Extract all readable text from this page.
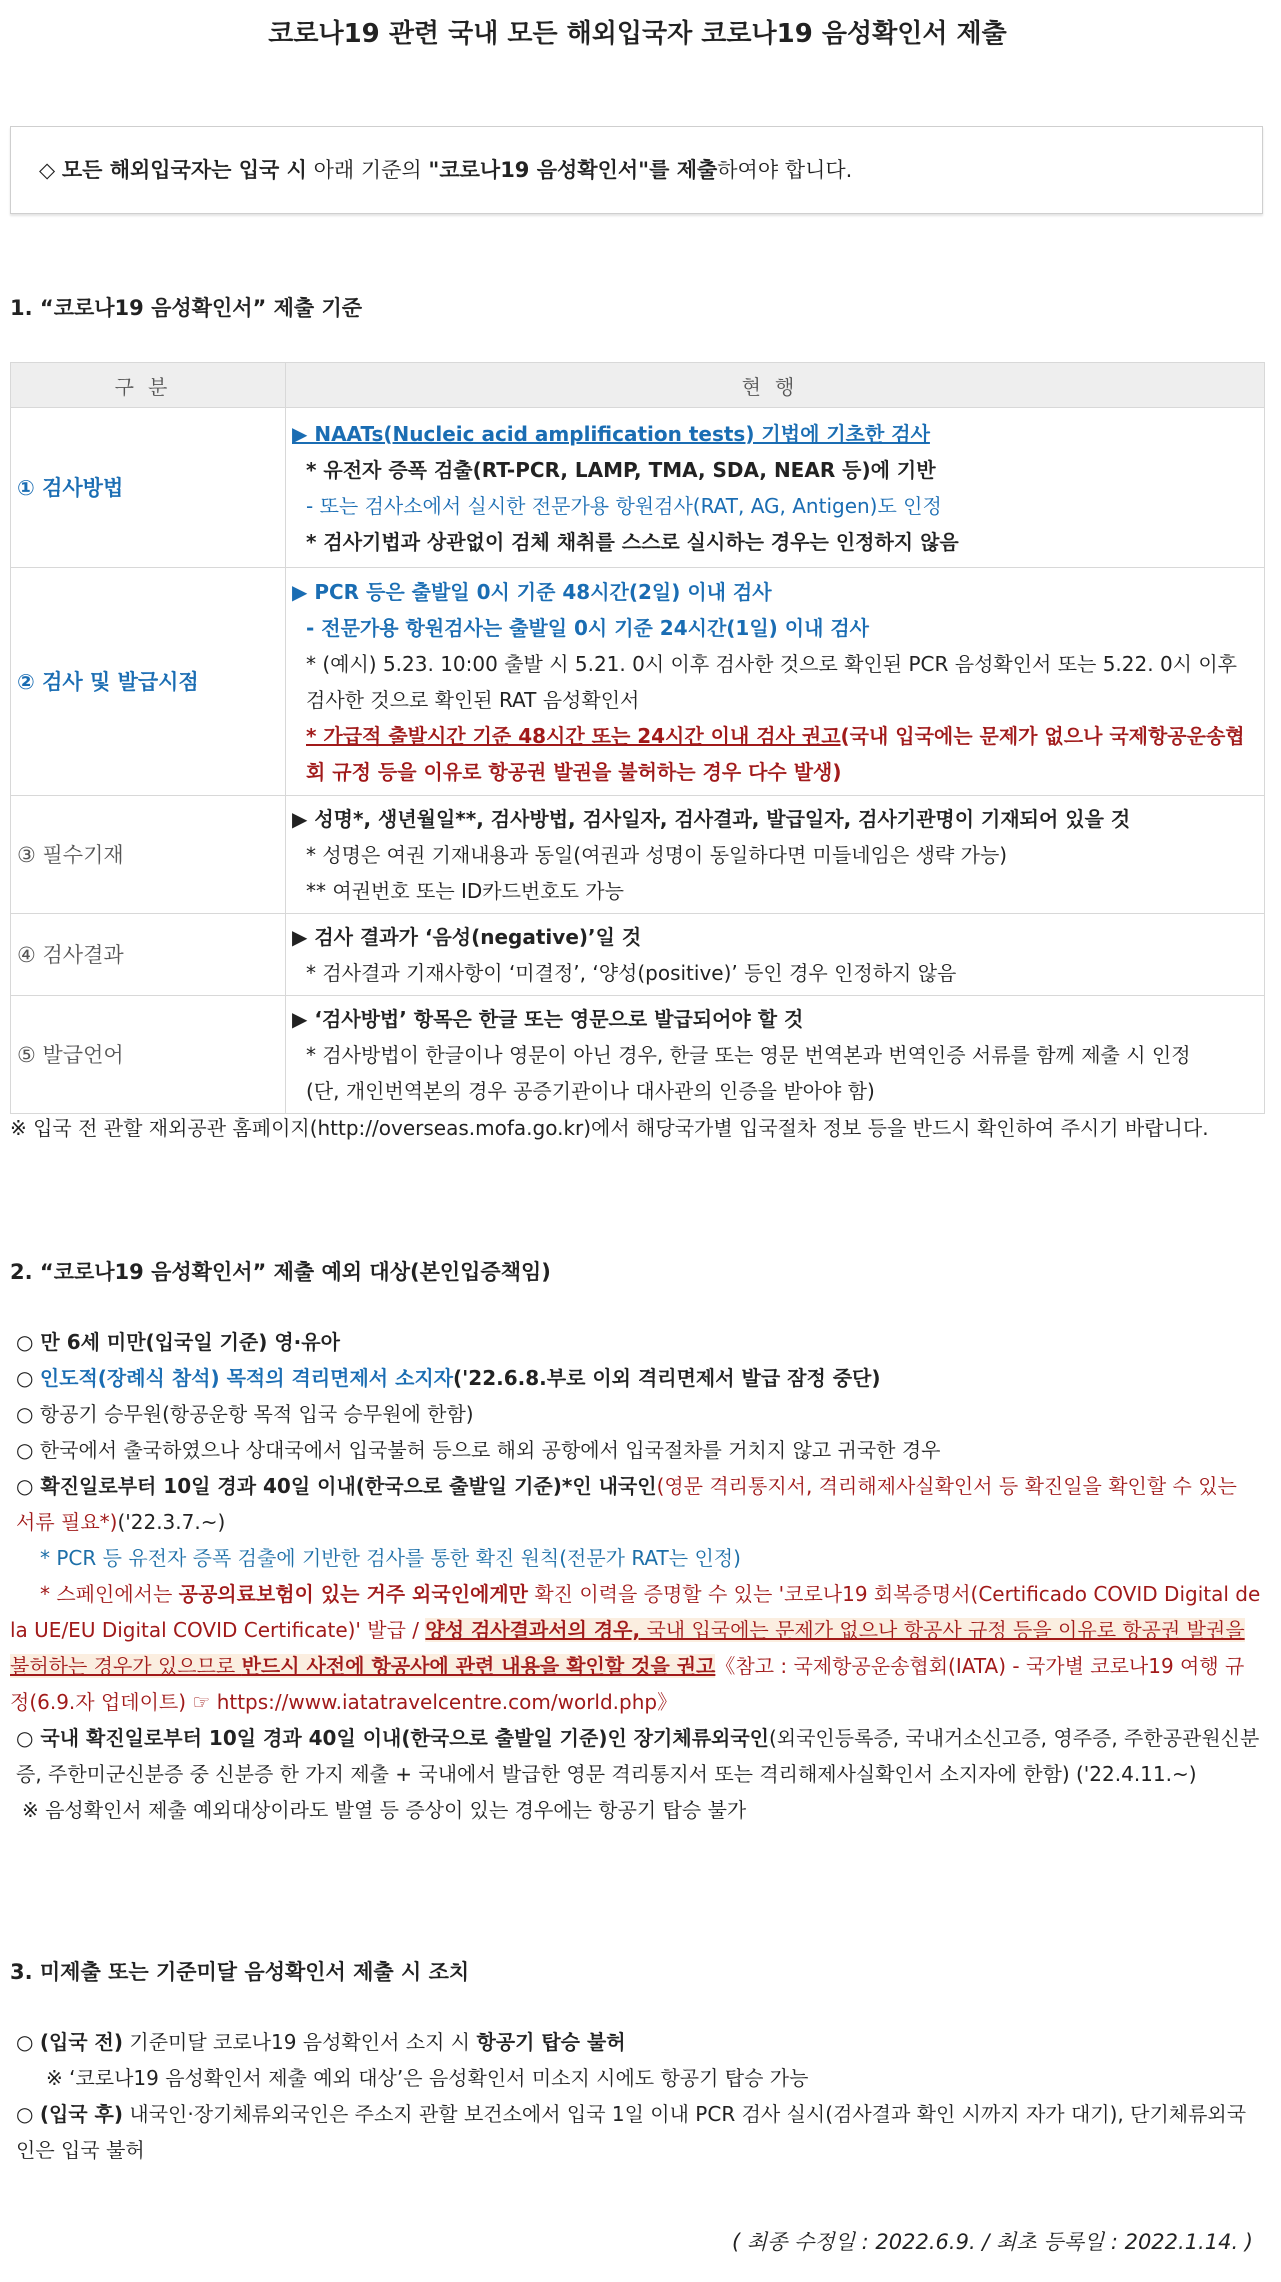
코로나19 관련 국내 모든 해외입국자 코로나19 음성확인서 제출
◇ 모든 해외입국자는 입국 시 아래 기준의 "코로나19 음성확인서"를 제출하여야 합니다.
1. “코로나19 음성확인서” 제출 기준
구분	현행
① 검사방법	▶ NAATs(Nucleic acid amplification tests) 기법에 기초한 검사
* 유전자 증폭 검출(RT-PCR, LAMP, TMA, SDA, NEAR 등)에 기반
- 또는 검사소에서 실시한 전문가용 항원검사(RAT, AG, Antigen)도 인정
* 검사기법과 상관없이 검체 채취를 스스로 실시하는 경우는 인정하지 않음

② 검사 및 발급시점	▶ PCR 등은 출발일 0시 기준 48시간(2일) 이내 검사
- 전문가용 항원검사는 출발일 0시 기준 24시간(1일) 이내 검사
* (예시) 5.23. 10:00 출발 시 5.21. 0시 이후 검사한 것으로 확인된 PCR 음성확인서 또는 5.22. 0시 이후 검사한 것으로 확인된 RAT 음성확인서
* 가급적 출발시간 기준 48시간 또는 24시간 이내 검사 권고(국내 입국에는 문제가 없으나 국제항공운송협회 규정 등을 이유로 항공권 발권을 불허하는 경우 다수 발생)

③ 필수기재	▶ 성명*, 생년월일**, 검사방법, 검사일자, 검사결과, 발급일자, 검사기관명이 기재되어 있을 것
* 성명은 여권 기재내용과 동일(여권과 성명이 동일하다면 미들네임은 생략 가능)
** 여권번호 또는 ID카드번호도 가능

④ 검사결과	▶ 검사 결과가 ‘음성(negative)’일 것
* 검사결과 기재사항이 ‘미결정’, ‘양성(positive)’ 등인 경우 인정하지 않음

⑤ 발급언어	▶ ‘검사방법’ 항목은 한글 또는 영문으로 발급되어야 할 것
* 검사방법이 한글이나 영문이 아닌 경우, 한글 또는 영문 번역본과 번역인증 서류를 함께 제출 시 인정
(단, 개인번역본의 경우 공증기관이나 대사관의 인증을 받아야 함)
※ 입국 전 관할 재외공관 홈페이지(http://overseas.mofa.go.kr)에서 해당국가별 입국절차 정보 등을 반드시 확인하여 주시기 바랍니다.
2. “코로나19 음성확인서” 제출 예외 대상(본인입증책임)
○ 만 6세 미만(입국일 기준) 영·유아
○ 인도적(장례식 참석) 목적의 격리면제서 소지자('22.6.8.부로 이외 격리면제서 발급 잠정 중단)
○ 항공기 승무원(항공운항 목적 입국 승무원에 한함)
○ 한국에서 출국하였으나 상대국에서 입국불허 등으로 해외 공항에서 입국절차를 거치지 않고 귀국한 경우
○ 확진일로부터 10일 경과 40일 이내(한국으로 출발일 기준)*인 내국인(영문 격리통지서, 격리해제사실확인서 등 확진일을 확인할 수 있는 서류 필요*)('22.3.7.~)
* PCR 등 유전자 증폭 검출에 기반한 검사를 통한 확진 원칙(전문가 RAT는 인정)
* 스페인에서는 공공의료보험이 있는 거주 외국인에게만 확진 이력을 증명할 수 있는 '코로나19 회복증명서(Certificado COVID Digital de la UE/EU Digital COVID Certificate)' 발급 / 양성 검사결과서의 경우, 국내 입국에는 문제가 없으나 항공사 규정 등을 이유로 항공권 발권을 불허하는 경우가 있으므로 반드시 사전에 항공사에 관련 내용을 확인할 것을 권고《참고 : 국제항공운송협회(IATA) - 국가별 코로나19 여행 규정(6.9.자 업데이트) ☞ https://www.iatatravelcentre.com/world.php》
○ 국내 확진일로부터 10일 경과 40일 이내(한국으로 출발일 기준)인 장기체류외국인(외국인등록증, 국내거소신고증, 영주증, 주한공관원신분증, 주한미군신분증 중 신분증 한 가지 제출 + 국내에서 발급한 영문 격리통지서 또는 격리해제사실확인서 소지자에 한함) ('22.4.11.~)
※ 음성확인서 제출 예외대상이라도 발열 등 증상이 있는 경우에는 항공기 탑승 불가
3. 미제출 또는 기준미달 음성확인서 제출 시 조치
○ (입국 전) 기준미달 코로나19 음성확인서 소지 시 항공기 탑승 불허
※ ‘코로나19 음성확인서 제출 예외 대상’은 음성확인서 미소지 시에도 항공기 탑승 가능
○ (입국 후) 내국인·장기체류외국인은 주소지 관할 보건소에서 입국 1일 이내 PCR 검사 실시(검사결과 확인 시까지 자가 대기), 단기체류외국인은 입국 불허
( 최종 수정일 : 2022.6.9. / 최초 등록일 : 2022.1.14. )
